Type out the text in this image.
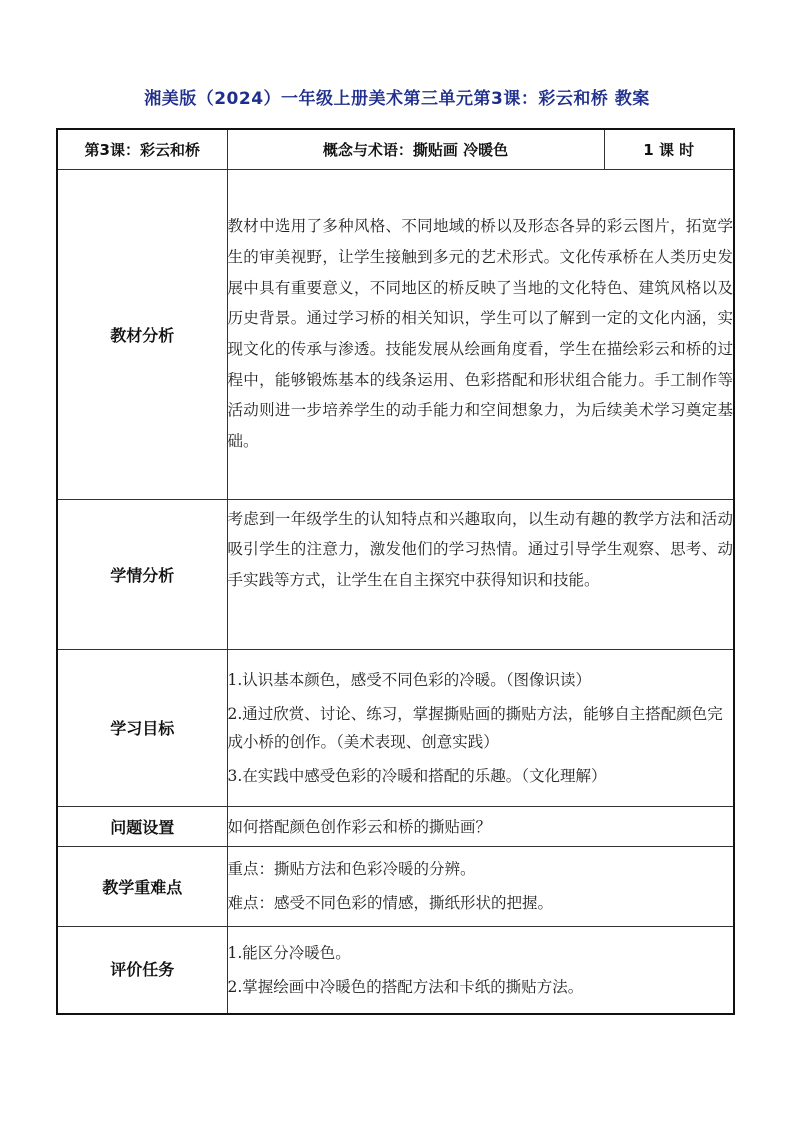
湘美版（2024）一年级上册美术第三单元第3课：彩云和桥 教案
第3课：彩云和桥	概念与术语：撕贴画 冷暖色	1 课 时
教材分析	教材中选用了多种风格、不同地域的桥以及形态各异的彩云图片，拓宽学生的审美视野，让学生接触到多元的艺术形式。文化传承桥在人类历史发展中具有重要意义，不同地区的桥反映了当地的文化特色、建筑风格以及历史背景。通过学习桥的相关知识，学生可以了解到一定的文化内涵，实现文化的传承与渗透。技能发展从绘画角度看，学生在描绘彩云和桥的过程中，能够锻炼基本的线条运用、色彩搭配和形状组合能力。手工制作等活动则进一步培养学生的动手能力和空间想象力，为后续美术学习奠定基础。	
学情分析	考虑到一年级学生的认知特点和兴趣取向，以生动有趣的教学方法和活动吸引学生的注意力，激发他们的学习热情。通过引导学生观察、思考、动手实践等方式，让学生在自主探究中获得知识和技能。	
学习目标	1.认识基本颜色，感受不同色彩的冷暖。（图像识读）

2.通过欣赏、讨论、练习，掌握撕贴画的撕贴方法，能够自主搭配颜色完成小桥的创作。（美术表现、创意实践）

3.在实践中感受色彩的冷暖和搭配的乐趣。（文化理解）	

问题设置	如何搭配颜色创作彩云和桥的撕贴画？	
教学重难点	重点：撕贴方法和色彩冷暖的分辨。

难点：感受不同色彩的情感，撕纸形状的把握。	

评价任务	1.能区分冷暖色。

2.掌握绘画中冷暖色的搭配方法和卡纸的撕贴方法。	
